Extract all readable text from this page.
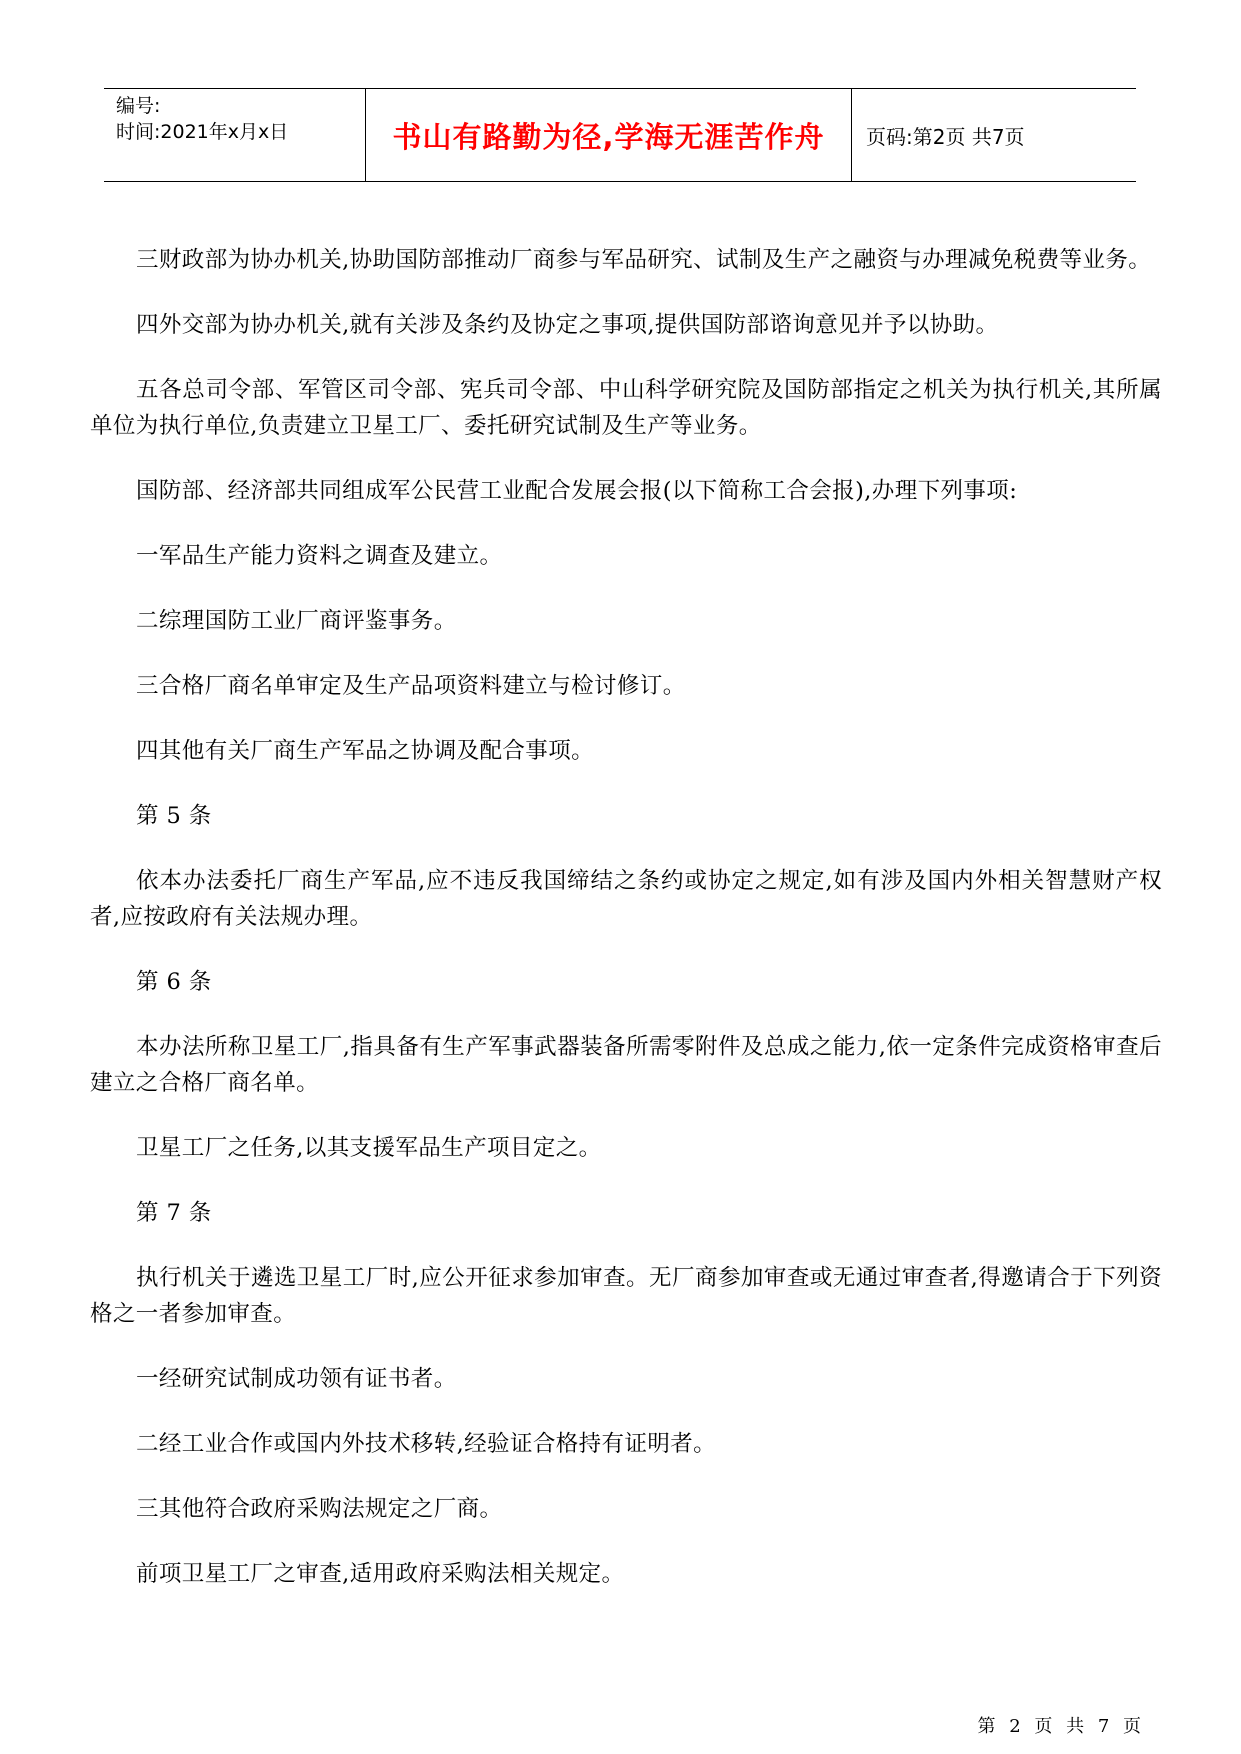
编号:
时间:2021年x月x日	书山有路勤为径,学海无涯苦作舟 页码:第2页 共7页

三财政部为协办机关,协助国防部推动厂商参与军品研究、试制及生产之融资与办理减免税费等业务。

四外交部为协办机关,就有关涉及条约及协定之事项,提供国防部谘询意见并予以协助。

五各总司令部、军管区司令部、宪兵司令部、中山科学研究院及国防部指定之机关为执行机关,其所属单位为执行单位,负责建立卫星工厂、委托研究试制及生产等业务。

国防部、经济部共同组成军公民营工业配合发展会报(以下简称工合会报),办理下列事项:

一军品生产能力资料之调查及建立。

二综理国防工业厂商评鉴事务。

三合格厂商名单审定及生产品项资料建立与检讨修订。

四其他有关厂商生产军品之协调及配合事项。

第 5 条

依本办法委托厂商生产军品,应不违反我国缔结之条约或协定之规定,如有涉及国内外相关智慧财产权者,应按政府有关法规办理。

第 6 条

本办法所称卫星工厂,指具备有生产军事武器装备所需零附件及总成之能力,依一定条件完成资格审查后建立之合格厂商名单。

卫星工厂之任务,以其支援军品生产项目定之。

第 7 条

执行机关于遴选卫星工厂时,应公开征求参加审查。无厂商参加审查或无通过审查者,得邀请合于下列资格之一者参加审查。

一经研究试制成功领有证书者。

二经工业合作或国内外技术移转,经验证合格持有证明者。

三其他符合政府采购法规定之厂商。

前项卫星工厂之审查,适用政府采购法相关规定。

第 2 页 共 7 页
